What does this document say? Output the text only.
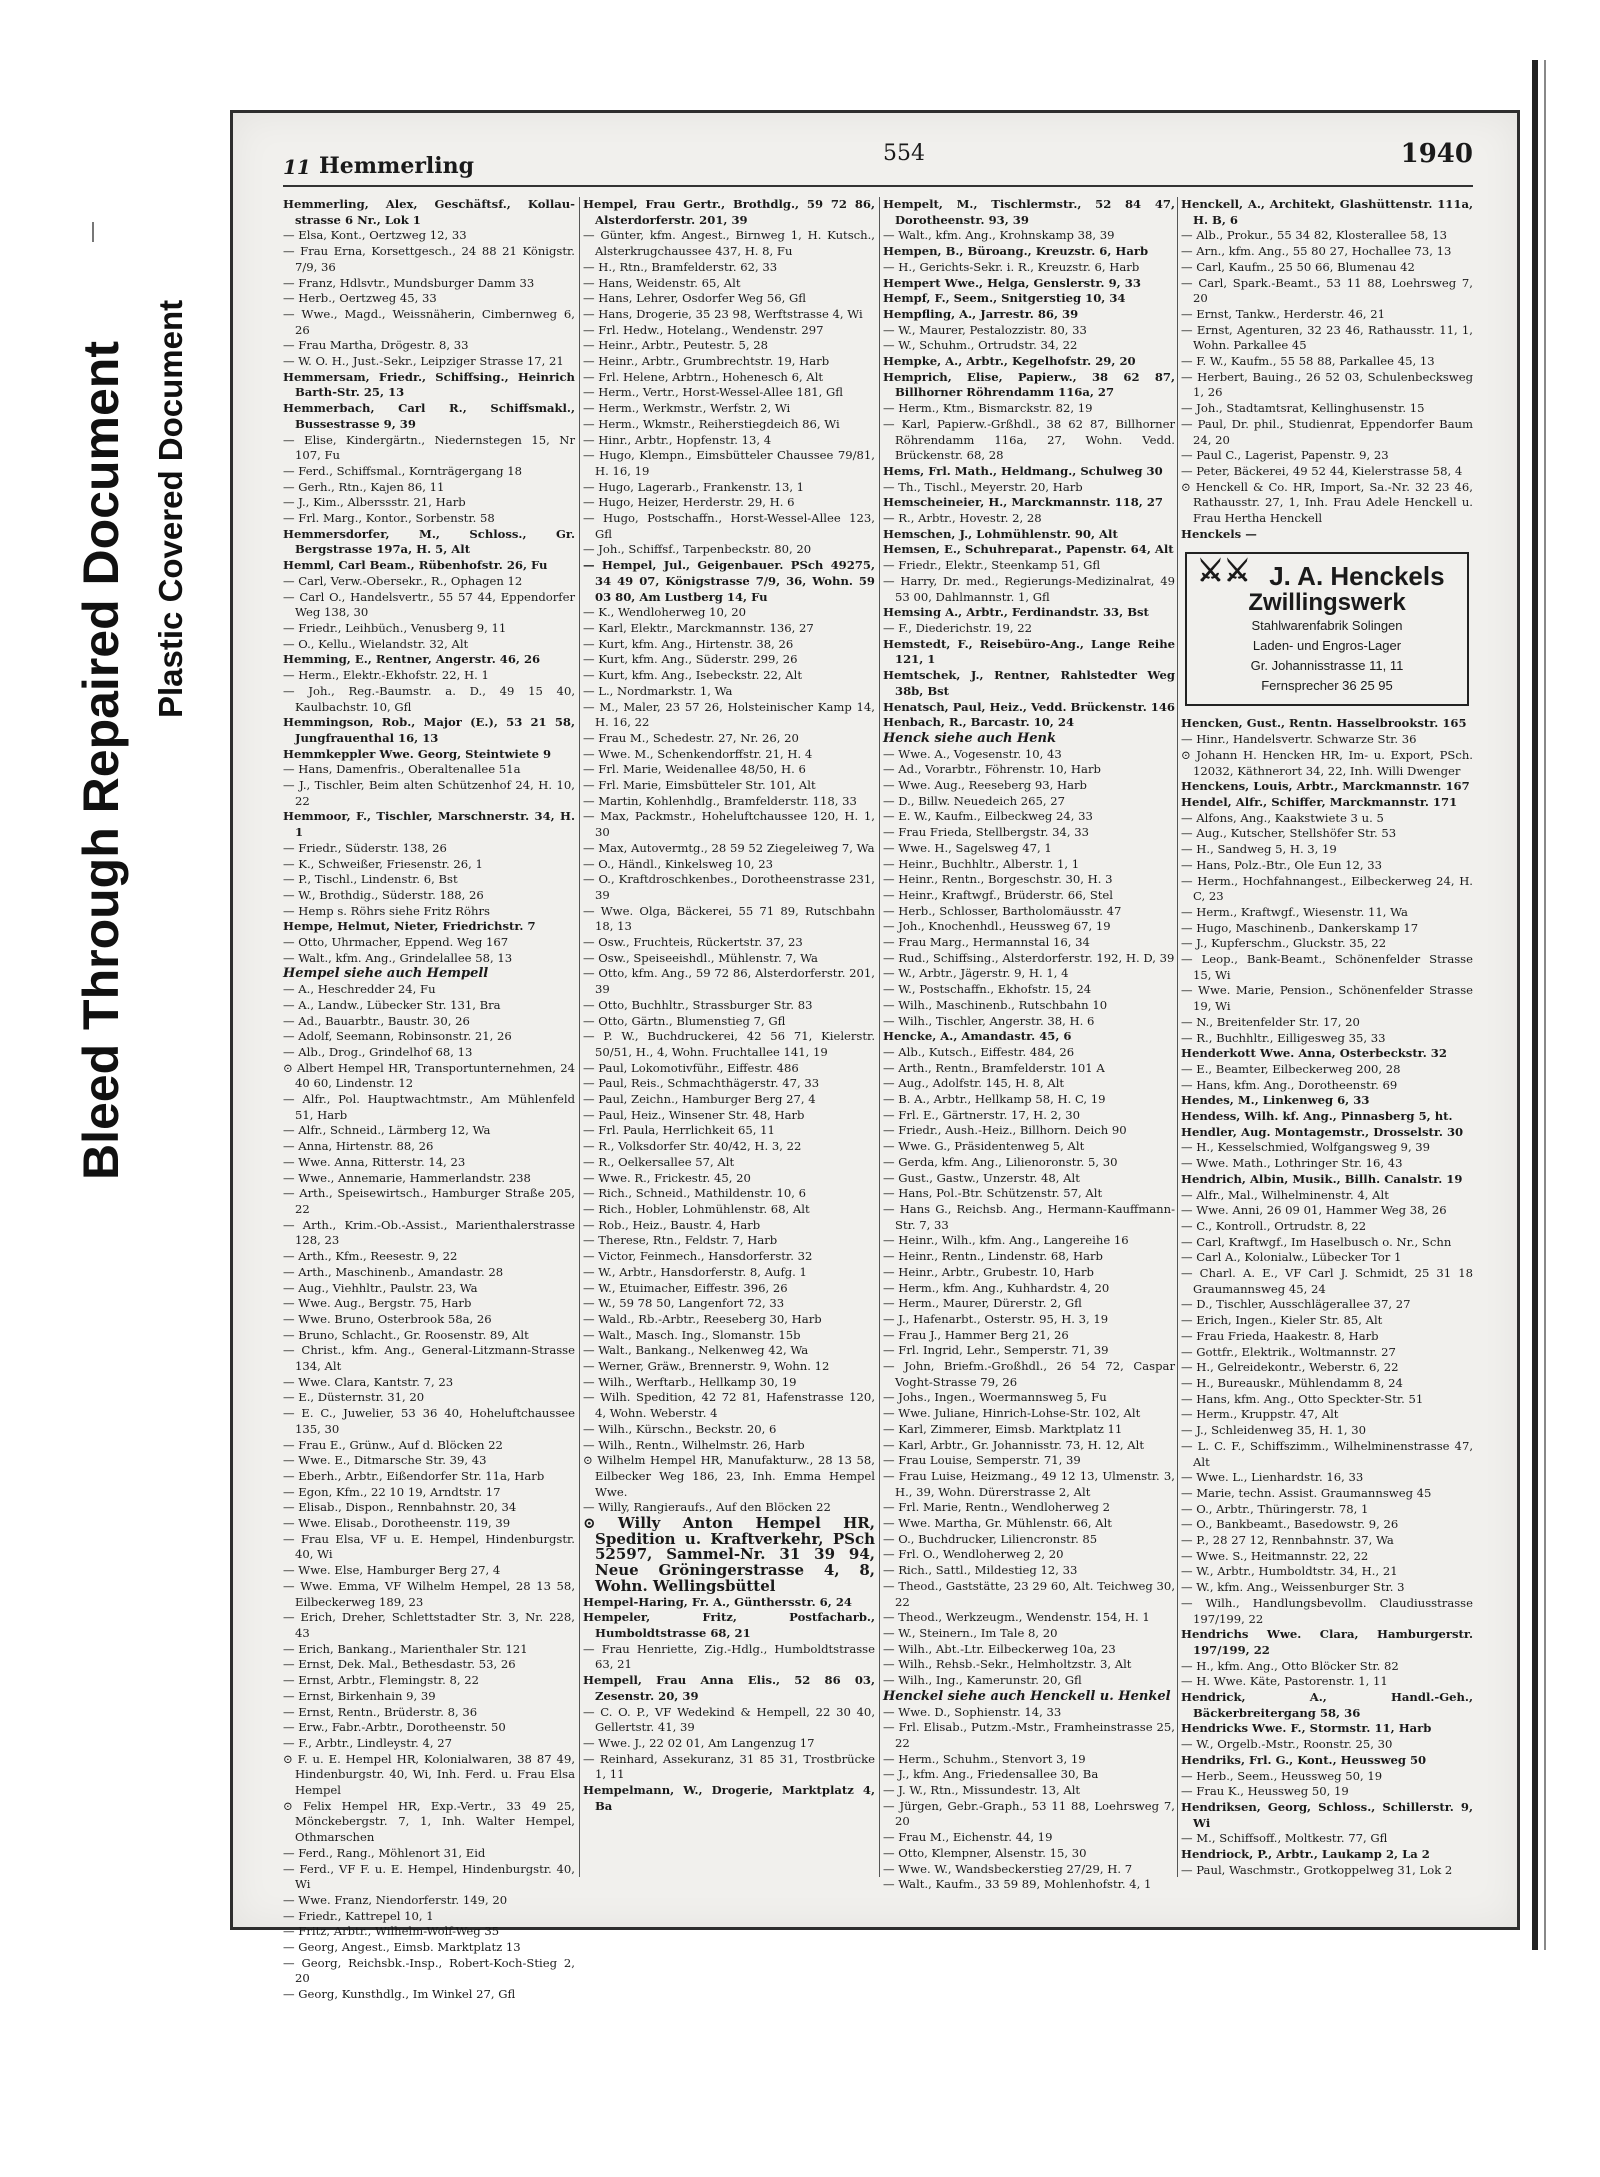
Bleed Through Repaired Document Plastic Covered Document
11 Hemmerling	554	1940

Hemmerling, Alex, Geschäftsf., Kollau-strasse 6 Nr., Lok 1

— Elsa, Kont., Oertzweg 12, 33

— Frau Erna, Korsettgesch., 24 88 21 Königstr. 7/9, 36

— Franz, Hdlsvtr., Mundsburger Damm 33

— Herb., Oertzweg 45, 33

— Wwe., Magd., Weissnäherin, Cimbernweg 6, 26

— Frau Martha, Drögestr. 8, 33

— W. O. H., Just.-Sekr., Leipziger Strasse 17, 21

Hemmersam, Friedr., Schiffsing., Heinrich Barth-Str. 25, 13

Hemmerbach, Carl R., Schiffsmakl., Bussestrasse 9, 39

— Elise, Kindergärtn., Niedernstegen 15, Nr 107, Fu

— Ferd., Schiffsmal., Kornträgergang 18

— Gerh., Rtn., Kajen 86, 11

— J., Kim., Alberssstr. 21, Harb

— Frl. Marg., Kontor., Sorbenstr. 58

Hemmersdorfer, M., Schloss., Gr. Bergstrasse 197a, H. 5, Alt

Hemml, Carl Beam., Rübenhofstr. 26, Fu

— Carl, Verw.-Obersekr., R., Ophagen 12

— Carl O., Handelsvertr., 55 57 44, Eppendorfer Weg 138, 30

— Friedr., Leihbüch., Venusberg 9, 11

— O., Kellu., Wielandstr. 32, Alt

Hemming, E., Rentner, Angerstr. 46, 26

— Herm., Elektr.-Ekhofstr. 22, H. 1

— Joh., Reg.-Baumstr. a. D., 49 15 40, Kaulbachstr. 10, Gfl

Hemmingson, Rob., Major (E.), 53 21 58, Jungfrauenthal 16, 13

Hemmkeppler Wwe. Georg, Steintwiete 9

— Hans, Damenfris., Oberaltenallee 51a

— J., Tischler, Beim alten Schützenhof 24, H. 10, 22

Hemmoor, F., Tischler, Marschnerstr. 34, H. 1

— Friedr., Süderstr. 138, 26

— K., Schweißer, Friesenstr. 26, 1

— P., Tischl., Lindenstr. 6, Bst

— W., Brothdig., Süderstr. 188, 26

— Hemp s. Röhrs siehe Fritz Röhrs

Hempe, Helmut, Nieter, Friedrichstr. 7

— Otto, Uhrmacher, Eppend. Weg 167

— Walt., kfm. Ang., Grindelallee 58, 13

Hempel siehe auch Hempell

— A., Heschredder 24, Fu

— A., Landw., Lübecker Str. 131, Bra

— Ad., Bauarbtr., Baustr. 30, 26

— Adolf, Seemann, Robinsonstr. 21, 26

— Alb., Drog., Grindelhof 68, 13

⊙ Albert Hempel HR, Transportunternehmen, 24 40 60, Lindenstr. 12

— Alfr., Pol. Hauptwachtmstr., Am Mühlenfeld 51, Harb

— Alfr., Schneid., Lärmberg 12, Wa

— Anna, Hirtenstr. 88, 26

— Wwe. Anna, Ritterstr. 14, 23

— Wwe., Annemarie, Hammerlandstr. 238

— Arth., Speisewirtsch., Hamburger Straße 205, 22

— Arth., Krim.-Ob.-Assist., Marienthalerstrasse 128, 23

— Arth., Kfm., Reesestr. 9, 22

— Arth., Maschinenb., Amandastr. 28

— Aug., Viehhltr., Paulstr. 23, Wa

— Wwe. Aug., Bergstr. 75, Harb

— Wwe. Bruno, Osterbrook 58a, 26

— Bruno, Schlacht., Gr. Roosenstr. 89, Alt

— Christ., kfm. Ang., General-Litzmann-Strasse 134, Alt

— Wwe. Clara, Kantstr. 7, 23

— E., Düsternstr. 31, 20

— E. C., Juwelier, 53 36 40, Hoheluftchaussee 135, 30

— Frau E., Grünw., Auf d. Blöcken 22

— Wwe. E., Ditmarsche Str. 39, 43

— Eberh., Arbtr., Eißendorfer Str. 11a, Harb

— Egon, Kfm., 22 10 19, Arndtstr. 17

— Elisab., Dispon., Rennbahnstr. 20, 34

— Wwe. Elisab., Dorotheenstr. 119, 39

— Frau Elsa, VF u. E. Hempel, Hindenburgstr. 40, Wi

— Wwe. Else, Hamburger Berg 27, 4

— Wwe. Emma, VF Wilhelm Hempel, 28 13 58, Eilbeckerweg 189, 23

— Erich, Dreher, Schlettstadter Str. 3, Nr. 228, 43

— Erich, Bankang., Marienthaler Str. 121

— Ernst, Dek. Mal., Bethesdastr. 53, 26

— Ernst, Arbtr., Flemingstr. 8, 22

— Ernst, Birkenhain 9, 39

— Ernst, Rentn., Brüderstr. 8, 36

— Erw., Fabr.-Arbtr., Dorotheenstr. 50

— F., Arbtr., Lindleystr. 4, 27

⊙ F. u. E. Hempel HR, Kolonialwaren, 38 87 49, Hindenburgstr. 40, Wi, Inh. Ferd. u. Frau Elsa Hempel

⊙ Felix Hempel HR, Exp.-Vertr., 33 49 25, Mönckebergstr. 7, 1, Inh. Walter Hempel, Othmarschen

— Ferd., Rang., Möhlenort 31, Eid

— Ferd., VF F. u. E. Hempel, Hindenburgstr. 40, Wi

— Wwe. Franz, Niendorferstr. 149, 20

— Friedr., Kattrepel 10, 1

— Fritz, Arbtr., Wilhelm-Wolf-Weg 35

— Georg, Angest., Eimsb. Marktplatz 13

— Georg, Reichsbk.-Insp., Robert-Koch-Stieg 2, 20

— Georg, Kunsthdlg., Im Winkel 27, Gfl

Hempel, Frau Gertr., Brothdlg., 59 72 86, Alsterdorferstr. 201, 39

— Günter, kfm. Angest., Birnweg 1, H. Kutsch., Alsterkrugchaussee 437, H. 8, Fu

— H., Rtn., Bramfelderstr. 62, 33

— Hans, Weidenstr. 65, Alt

— Hans, Lehrer, Osdorfer Weg 56, Gfl

— Hans, Drogerie, 35 23 98, Werftstrasse 4, Wi

— Frl. Hedw., Hotelang., Wendenstr. 297

— Heinr., Arbtr., Peutestr. 5, 28

— Heinr., Arbtr., Grumbrechtstr. 19, Harb

— Frl. Helene, Arbtrn., Hohenesch 6, Alt

— Herm., Vertr., Horst-Wessel-Allee 181, Gfl

— Herm., Werkmstr., Werfstr. 2, Wi

— Herm., Wkmstr., Reiherstiegdeich 86, Wi

— Hinr., Arbtr., Hopfenstr. 13, 4

— Hugo, Klempn., Eimsbütteler Chaussee 79/81, H. 16, 19

— Hugo, Lagerarb., Frankenstr. 13, 1

— Hugo, Heizer, Herderstr. 29, H. 6

— Hugo, Postschaffn., Horst-Wessel-Allee 123, Gfl

— Joh., Schiffsf., Tarpenbeckstr. 80, 20

— Hempel, Jul., Geigenbauer. PSch 49275, 34 49 07, Königstrasse 7/9, 36, Wohn. 59 03 80, Am Lustberg 14, Fu

— K., Wendloherweg 10, 20

— Karl, Elektr., Marckmannstr. 136, 27

— Kurt, kfm. Ang., Hirtenstr. 38, 26

— Kurt, kfm. Ang., Süderstr. 299, 26

— Kurt, kfm. Ang., Isebeckstr. 22, Alt

— L., Nordmarkstr. 1, Wa

— M., Maler, 23 57 26, Holsteinischer Kamp 14, H. 16, 22

— Frau M., Schedestr. 27, Nr. 26, 20

— Wwe. M., Schenkendorffstr. 21, H. 4

— Frl. Marie, Weidenallee 48/50, H. 6

— Frl. Marie, Eimsbütteler Str. 101, Alt

— Martin, Kohlenhdlg., Bramfelderstr. 118, 33

— Max, Packmstr., Hoheluftchaussee 120, H. 1, 30

— Max, Autovermtg., 28 59 52 Ziegeleiweg 7, Wa

— O., Händl., Kinkelsweg 10, 23

— O., Kraftdroschkenbes., Dorotheenstrasse 231, 39

— Wwe. Olga, Bäckerei, 55 71 89, Rutschbahn 18, 13

— Osw., Fruchteis, Rückertstr. 37, 23

— Osw., Speiseeishdl., Mühlenstr. 7, Wa

— Otto, kfm. Ang., 59 72 86, Alsterdorferstr. 201, 39

— Otto, Buchhltr., Strassburger Str. 83

— Otto, Gärtn., Blumenstieg 7, Gfl

— P. W., Buchdruckerei, 42 56 71, Kielerstr. 50/51, H., 4, Wohn. Fruchtallee 141, 19

— Paul, Lokomotivführ., Eiffestr. 486

— Paul, Reis., Schmachthägerstr. 47, 33

— Paul, Zeichn., Hamburger Berg 27, 4

— Paul, Heiz., Winsener Str. 48, Harb

— Frl. Paula, Herrlichkeit 65, 11

— R., Volksdorfer Str. 40/42, H. 3, 22

— R., Oelkersallee 57, Alt

— Wwe. R., Frickestr. 45, 20

— Rich., Schneid., Mathildenstr. 10, 6

— Rich., Hobler, Lohmühlenstr. 68, Alt

— Rob., Heiz., Baustr. 4, Harb

— Therese, Rtn., Feldstr. 7, Harb

— Victor, Feinmech., Hansdorferstr. 32

— W., Arbtr., Hansdorferstr. 8, Aufg. 1

— W., Etuimacher, Eiffestr. 396, 26

— W., 59 78 50, Langenfort 72, 33

— Wald., Rb.-Arbtr., Reeseberg 30, Harb

— Walt., Masch. Ing., Slomanstr. 15b

— Walt., Bankang., Nelkenweg 42, Wa

— Werner, Gräw., Brennerstr. 9, Wohn. 12

— Wilh., Werftarb., Hellkamp 30, 19

— Wilh. Spedition, 42 72 81, Hafenstrasse 120, 4, Wohn. Weberstr. 4

— Wilh., Kürschn., Beckstr. 20, 6

— Wilh., Rentn., Wilhelmstr. 26, Harb

⊙ Wilhelm Hempel HR, Manufakturw., 28 13 58, Eilbecker Weg 186, 23, Inh. Emma Hempel Wwe.

— Willy, Rangieraufs., Auf den Blöcken 22

⊙ Willy Anton Hempel HR, Spedition u. Kraftverkehr, PSch 52597, Sammel-Nr. 31 39 94, Neue Gröningerstrasse 4, 8, Wohn. Wellingsbüttel

Hempel-Haring, Fr. A., Günthersstr. 6, 24

Hempeler, Fritz, Postfacharb., Humboldtstrasse 68, 21

— Frau Henriette, Zig.-Hdlg., Humboldtstrasse 63, 21

Hempell, Frau Anna Elis., 52 86 03, Zesenstr. 20, 39

— C. O. P., VF Wedekind & Hempell, 22 30 40, Gellertstr. 41, 39

— Wwe. J., 22 02 01, Am Langenzug 17

— Reinhard, Assekuranz, 31 85 31, Trostbrücke 1, 11

Hempelmann, W., Drogerie, Marktplatz 4, Ba

Hempelt, M., Tischlermstr., 52 84 47, Dorotheenstr. 93, 39

— Walt., kfm. Ang., Krohnskamp 38, 39

Hempen, B., Büroang., Kreuzstr. 6, Harb

— H., Gerichts-Sekr. i. R., Kreuzstr. 6, Harb

Hempert Wwe., Helga, Genslerstr. 9, 33

Hempf, F., Seem., Snitgerstieg 10, 34

Hempfling, A., Jarrestr. 86, 39

— W., Maurer, Pestalozzistr. 80, 33

— W., Schuhm., Ortrudstr. 34, 22

Hempke, A., Arbtr., Kegelhofstr. 29, 20

Hemprich, Elise, Papierw., 38 62 87, Billhorner Röhrendamm 116a, 27

— Herm., Ktm., Bismarckstr. 82, 19

— Karl, Papierw.-Grßhdl., 38 62 87, Billhorner Röhrendamm 116a, 27, Wohn. Vedd. Brückenstr. 68, 28

Hems, Frl. Math., Heldmang., Schulweg 30

— Th., Tischl., Meyerstr. 20, Harb

Hemscheineier, H., Marckmannstr. 118, 27

— R., Arbtr., Hovestr. 2, 28

Hemschen, J., Lohmühlenstr. 90, Alt

Hemsen, E., Schuhreparat., Papenstr. 64, Alt

— Friedr., Elektr., Steenkamp 51, Gfl

— Harry, Dr. med., Regierungs-Medizinalrat, 49 53 00, Dahlmannstr. 1, Gfl

Hemsing A., Arbtr., Ferdinandstr. 33, Bst

— F., Diederichstr. 19, 22

Hemstedt, F., Reisebüro-Ang., Lange Reihe 121, 1

Hemtschek, J., Rentner, Rahlstedter Weg 38b, Bst

Henatsch, Paul, Heiz., Vedd. Brückenstr. 146

Henbach, R., Barcastr. 10, 24

Henck siehe auch Henk

— Wwe. A., Vogesenstr. 10, 43

— Ad., Vorarbtr., Föhrenstr. 10, Harb

— Wwe. Aug., Reeseberg 93, Harb

— D., Billw. Neuedeich 265, 27

— E. W., Kaufm., Eilbeckweg 24, 33

— Frau Frieda, Stellbergstr. 34, 33

— Wwe. H., Sagelsweg 47, 1

— Heinr., Buchhltr., Alberstr. 1, 1

— Heinr., Rentn., Borgeschstr. 30, H. 3

— Heinr., Kraftwgf., Brüderstr. 66, Stel

— Herb., Schlosser, Bartholomäusstr. 47

— Joh., Knochenhdl., Heussweg 67, 19

— Frau Marg., Hermannstal 16, 34

— Rud., Schiffsing., Alsterdorferstr. 192, H. D, 39

— W., Arbtr., Jägerstr. 9, H. 1, 4

— W., Postschaffn., Ekhofstr. 15, 24

— Wilh., Maschinenb., Rutschbahn 10

— Wilh., Tischler, Angerstr. 38, H. 6

Hencke, A., Amandastr. 45, 6

— Alb., Kutsch., Eiffestr. 484, 26

— Arth., Rentn., Bramfelderstr. 101 A

— Aug., Adolfstr. 145, H. 8, Alt

— B. A., Arbtr., Hellkamp 58, H. C, 19

— Frl. E., Gärtnerstr. 17, H. 2, 30

— Friedr., Aush.-Heiz., Billhorn. Deich 90

— Wwe. G., Präsidentenweg 5, Alt

— Gerda, kfm. Ang., Lilienoronstr. 5, 30

— Gust., Gastw., Unzerstr. 48, Alt

— Hans, Pol.-Btr. Schützenstr. 57, Alt

— Hans G., Reichsb. Ang., Hermann-Kauffmann-Str. 7, 33

— Heinr., Wilh., kfm. Ang., Langereihe 16

— Heinr., Rentn., Lindenstr. 68, Harb

— Heinr., Arbtr., Grubestr. 10, Harb

— Herm., kfm. Ang., Kuhhardstr. 4, 20

— Herm., Maurer, Dürerstr. 2, Gfl

— J., Hafenarbt., Osterstr. 95, H. 3, 19

— Frau J., Hammer Berg 21, 26

— Frl. Ingrid, Lehr., Semperstr. 71, 39

— John, Briefm.-Großhdl., 26 54 72, Caspar Voght-Strasse 79, 26

— Johs., Ingen., Woermannsweg 5, Fu

— Wwe. Juliane, Hinrich-Lohse-Str. 102, Alt

— Karl, Zimmerer, Eimsb. Marktplatz 11

— Karl, Arbtr., Gr. Johannisstr. 73, H. 12, Alt

— Frau Louise, Semperstr. 71, 39

— Frau Luise, Heizmang., 49 12 13, Ulmenstr. 3, H., 39, Wohn. Dürerstrasse 2, Alt

— Frl. Marie, Rentn., Wendloherweg 2

— Wwe. Martha, Gr. Mühlenstr. 66, Alt

— O., Buchdrucker, Liliencronstr. 85

— Frl. O., Wendloherweg 2, 20

— Rich., Sattl., Mildestieg 12, 33

— Theod., Gaststätte, 23 29 60, Alt. Teichweg 30, 22

— Theod., Werkzeugm., Wendenstr. 154, H. 1

— W., Steinern., Im Tale 8, 20

— Wilh., Abt.-Ltr. Eilbeckerweg 10a, 23

— Wilh., Rehsb.-Sekr., Helmholtzstr. 3, Alt

— Wilh., Ing., Kamerunstr. 20, Gfl

Henckel siehe auch Henckell u. Henkel

— Wwe. D., Sophienstr. 14, 33

— Frl. Elisab., Putzm.-Mstr., Framheinstrasse 25, 22

— Herm., Schuhm., Stenvort 3, 19

— J., kfm. Ang., Friedensallee 30, Ba

— J. W., Rtn., Missundestr. 13, Alt

— Jürgen, Gebr.-Graph., 53 11 88, Loehrsweg 7, 20

— Frau M., Eichenstr. 44, 19

— Otto, Klempner, Alsenstr. 15, 30

— Wwe. W., Wandsbeckerstieg 27/29, H. 7

— Walt., Kaufm., 33 59 89, Mohlenhofstr. 4, 1

Henckell, A., Architekt, Glashüttenstr. 111a, H. B, 6

— Alb., Prokur., 55 34 82, Klosterallee 58, 13

— Arn., kfm. Ang., 55 80 27, Hochallee 73, 13

— Carl, Kaufm., 25 50 66, Blumenau 42

— Carl, Spark.-Beamt., 53 11 88, Loehrsweg 7, 20

— Ernst, Tankw., Herderstr. 46, 21

— Ernst, Agenturen, 32 23 46, Rathausstr. 11, 1, Wohn. Parkallee 45

— F. W., Kaufm., 55 58 88, Parkallee 45, 13

— Herbert, Bauing., 26 52 03, Schulenbecksweg 1, 26

— Joh., Stadtamtsrat, Kellinghusenstr. 15

— Paul, Dr. phil., Studienrat, Eppendorfer Baum 24, 20

— Paul C., Lagerist, Papenstr. 9, 23

— Peter, Bäckerei, 49 52 44, Kielerstrasse 58, 4

⊙ Henckell & Co. HR, Import, Sa.-Nr. 32 23 46, Rathausstr. 27, 1, Inh. Frau Adele Henckell u. Frau Hertha Henckell

Henckels —

⚔⚔ J. A. Henckels
Zwillingswerk
Stahlwarenfabrik Solingen
Laden- und Engros-Lager
Gr. Johannisstrasse 11, 11
Fernsprecher 36 25 95

Hencken, Gust., Rentn. Hasselbrookstr. 165

— Hinr., Handelsvertr. Schwarze Str. 36

⊙ Johann H. Hencken HR, Im- u. Export, PSch. 12032, Käthnerort 34, 22, Inh. Willi Dwenger

Henckens, Louis, Arbtr., Marckmannstr. 167

Hendel, Alfr., Schiffer, Marckmannstr. 171

— Alfons, Ang., Kaakstwiete 3 u. 5

— Aug., Kutscher, Stellshöfer Str. 53

— H., Sandweg 5, H. 3, 19

— Hans, Polz.-Btr., Ole Eun 12, 33

— Herm., Hochfahnangest., Eilbeckerweg 24, H. C, 23

— Herm., Kraftwgf., Wiesenstr. 11, Wa

— Hugo, Maschinenb., Dankerskamp 17

— J., Kupferschm., Gluckstr. 35, 22

— Leop., Bank-Beamt., Schönenfelder Strasse 15, Wi

— Wwe. Marie, Pension., Schönenfelder Strasse 19, Wi

— N., Breitenfelder Str. 17, 20

— R., Buchhltr., Eilligesweg 35, 33

Henderkott Wwe. Anna, Osterbeckstr. 32

— E., Beamter, Eilbeckerweg 200, 28

— Hans, kfm. Ang., Dorotheenstr. 69

Hendes, M., Linkenweg 6, 33

Hendess, Wilh. kf. Ang., Pinnasberg 5, ht.

Hendler, Aug. Montagemstr., Drosselstr. 30

— H., Kesselschmied, Wolfgangsweg 9, 39

— Wwe. Math., Lothringer Str. 16, 43

Hendrich, Albin, Musik., Billh. Canalstr. 19

— Alfr., Mal., Wilhelminenstr. 4, Alt

— Wwe. Anni, 26 09 01, Hammer Weg 38, 26

— C., Kontroll., Ortrudstr. 8, 22

— Carl, Kraftwgf., Im Haselbusch o. Nr., Schn

— Carl A., Kolonialw., Lübecker Tor 1

— Charl. A. E., VF Carl J. Schmidt, 25 31 18 Graumannsweg 45, 24

— D., Tischler, Ausschlägerallee 37, 27

— Erich, Ingen., Kieler Str. 85, Alt

— Frau Frieda, Haakestr. 8, Harb

— Gottfr., Elektrik., Woltmannstr. 27

— H., Gelreidekontr., Weberstr. 6, 22

— H., Bureauskr., Mühlendamm 8, 24

— Hans, kfm. Ang., Otto Speckter-Str. 51

— Herm., Kruppstr. 47, Alt

— J., Schleidenweg 35, H. 1, 30

— L. C. F., Schiffszimm., Wilhelminenstrasse 47, Alt

— Wwe. L., Lienhardstr. 16, 33

— Marie, techn. Assist. Graumannsweg 45

— O., Arbtr., Thüringerstr. 78, 1

— O., Bankbeamt., Basedowstr. 9, 26

— P., 28 27 12, Rennbahnstr. 37, Wa

— Wwe. S., Heitmannstr. 22, 22

— W., Arbtr., Humboldtstr. 34, H., 21

— W., kfm. Ang., Weissenburger Str. 3

— Wilh., Handlungsbevollm. Claudiusstrasse 197/199, 22

Hendrichs Wwe. Clara, Hamburgerstr. 197/199, 22

— H., kfm. Ang., Otto Blöcker Str. 82

— H. Wwe. Käte, Pastorenstr. 1, 11

Hendrick, A., Handl.-Geh., Bäckerbreitergang 58, 36

Hendricks Wwe. F., Stormstr. 11, Harb

— W., Orgelb.-Mstr., Roonstr. 25, 30

Hendriks, Frl. G., Kont., Heussweg 50

— Herb., Seem., Heussweg 50, 19

— Frau K., Heussweg 50, 19

Hendriksen, Georg, Schloss., Schillerstr. 9, Wi

— M., Schiffsoff., Moltkestr. 77, Gfl

Hendriock, P., Arbtr., Laukamp 2, La 2

— Paul, Waschmstr., Grotkoppelweg 31, Lok 2
